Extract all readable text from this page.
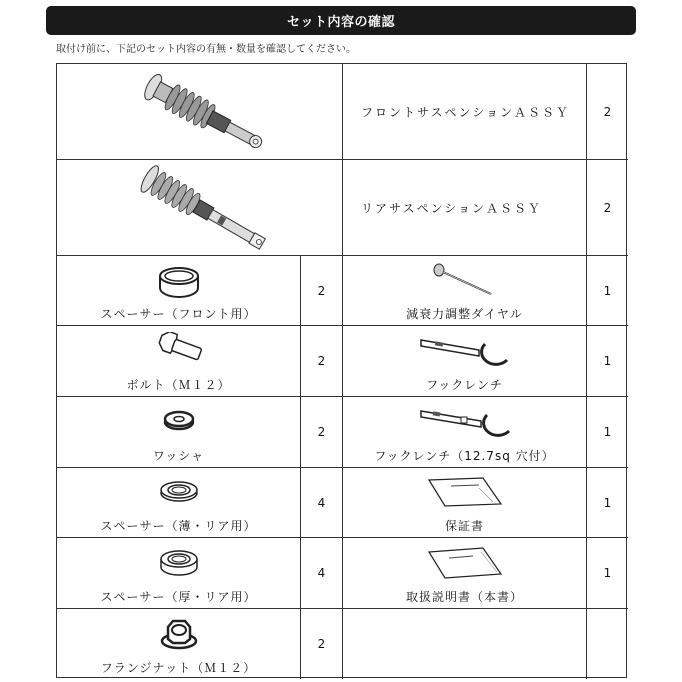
セット内容の確認
取付け前に、下記のセット内容の有無・数量を確認してください。
フロントサスペンションＡＳＳＹ	2
リアサスペンションＡＳＳＹ	2
スペーサー（フロント用）
2
減衰力調整ダイヤル
1
ボルト（Ｍ１２）
2
フックレンチ
1
ワッシャ
2
フックレンチ（12.7sq 穴付）
1
スペーサー（薄・リア用）
4
保証書
1
スペーサー（厚・リア用）
4
取扱説明書（本書）
1
フランジナット（Ｍ１２）
2
